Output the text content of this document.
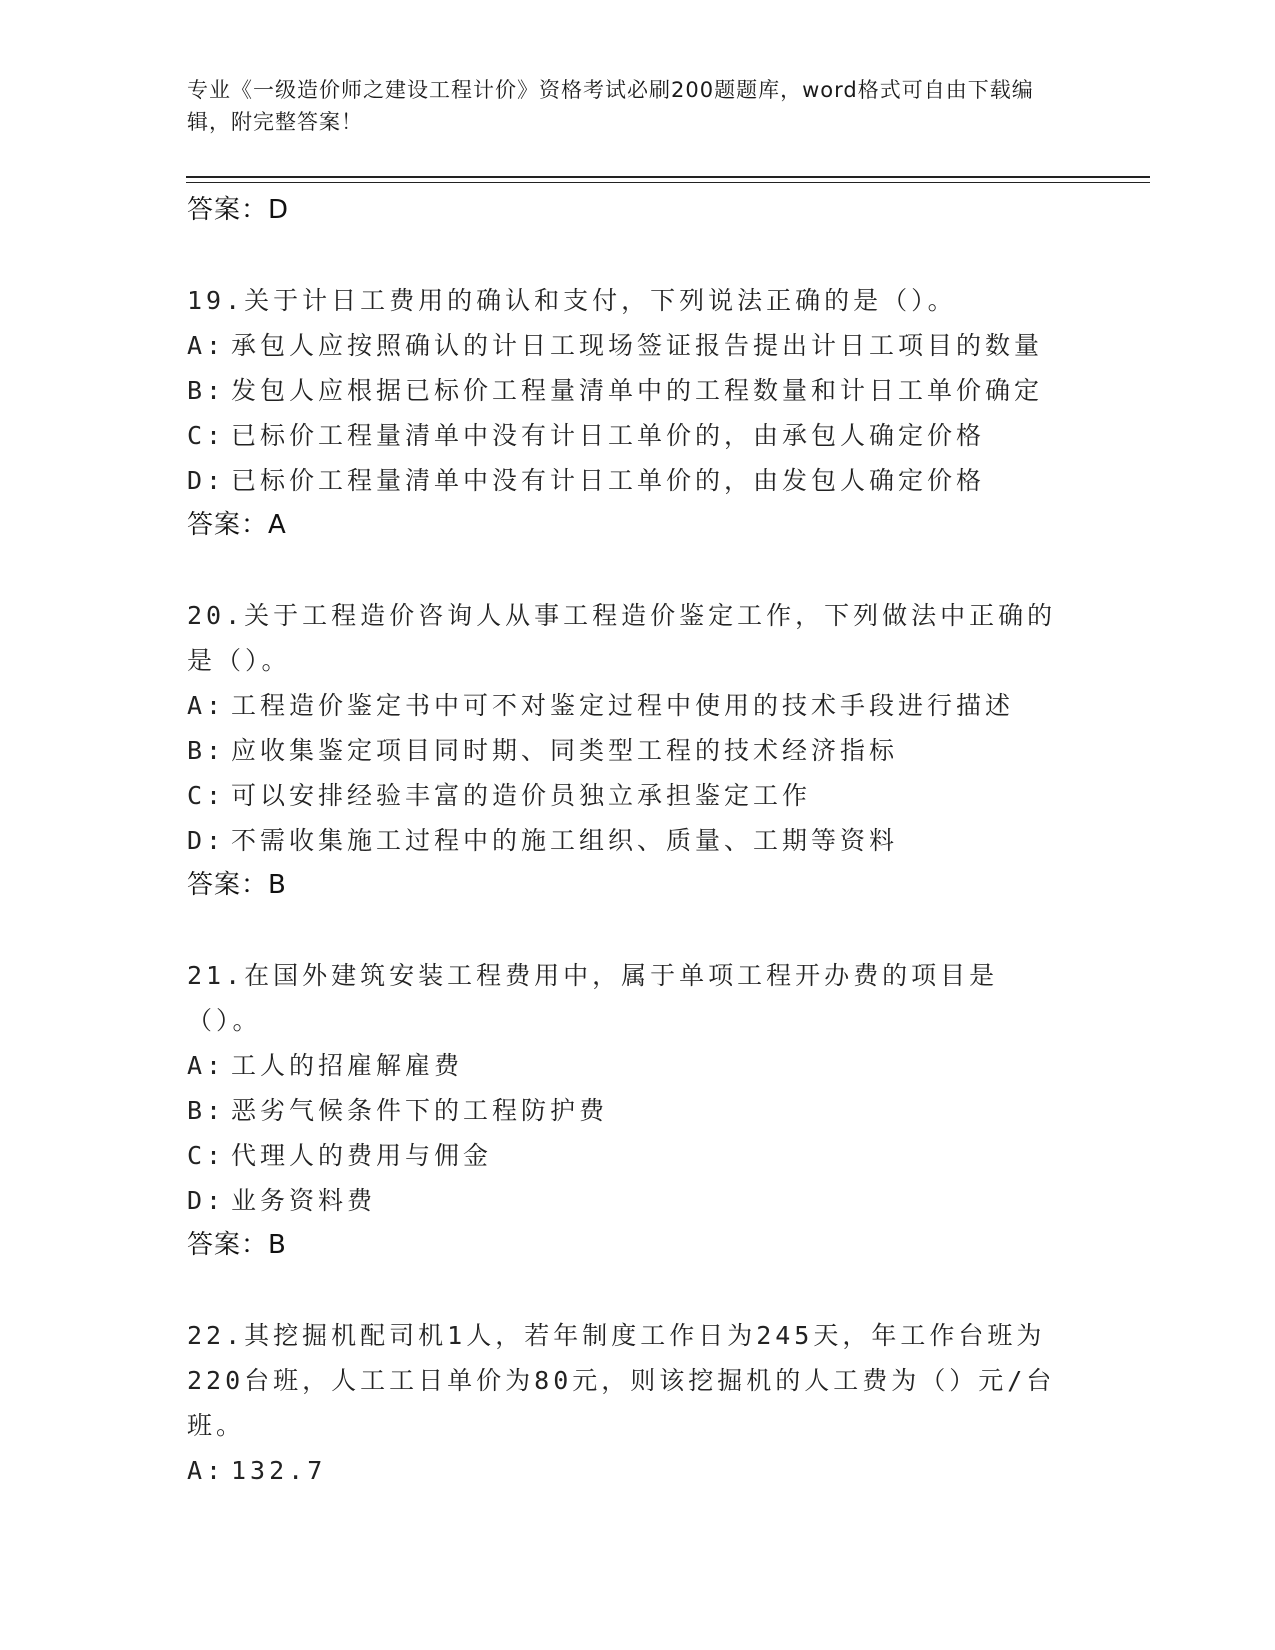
专业《一级造价师之建设工程计价》资格考试必刷200题题库，word格式可自由下载编辑，附完整答案！
答案：D
19.关于计日工费用的确认和支付，下列说法正确的是（）。
A: 承包人应按照确认的计日工现场签证报告提出计日工项目的数量
B: 发包人应根据已标价工程量清单中的工程数量和计日工单价确定
C: 已标价工程量清单中没有计日工单价的，由承包人确定价格
D: 已标价工程量清单中没有计日工单价的，由发包人确定价格
答案：A
20.关于工程造价咨询人从事工程造价鉴定工作，下列做法中正确的是（）。
A: 工程造价鉴定书中可不对鉴定过程中使用的技术手段进行描述
B: 应收集鉴定项目同时期、同类型工程的技术经济指标
C: 可以安排经验丰富的造价员独立承担鉴定工作
D: 不需收集施工过程中的施工组织、质量、工期等资料
答案：B
21.在国外建筑安装工程费用中，属于单项工程开办费的项目是（）。
A: 工人的招雇解雇费
B: 恶劣气候条件下的工程防护费
C: 代理人的费用与佣金
D: 业务资料费
答案：B
22.其挖掘机配司机1人，若年制度工作日为245天，年工作台班为220台班，人工工日单价为80元，则该挖掘机的人工费为（）元/台班。
A: 132.7
